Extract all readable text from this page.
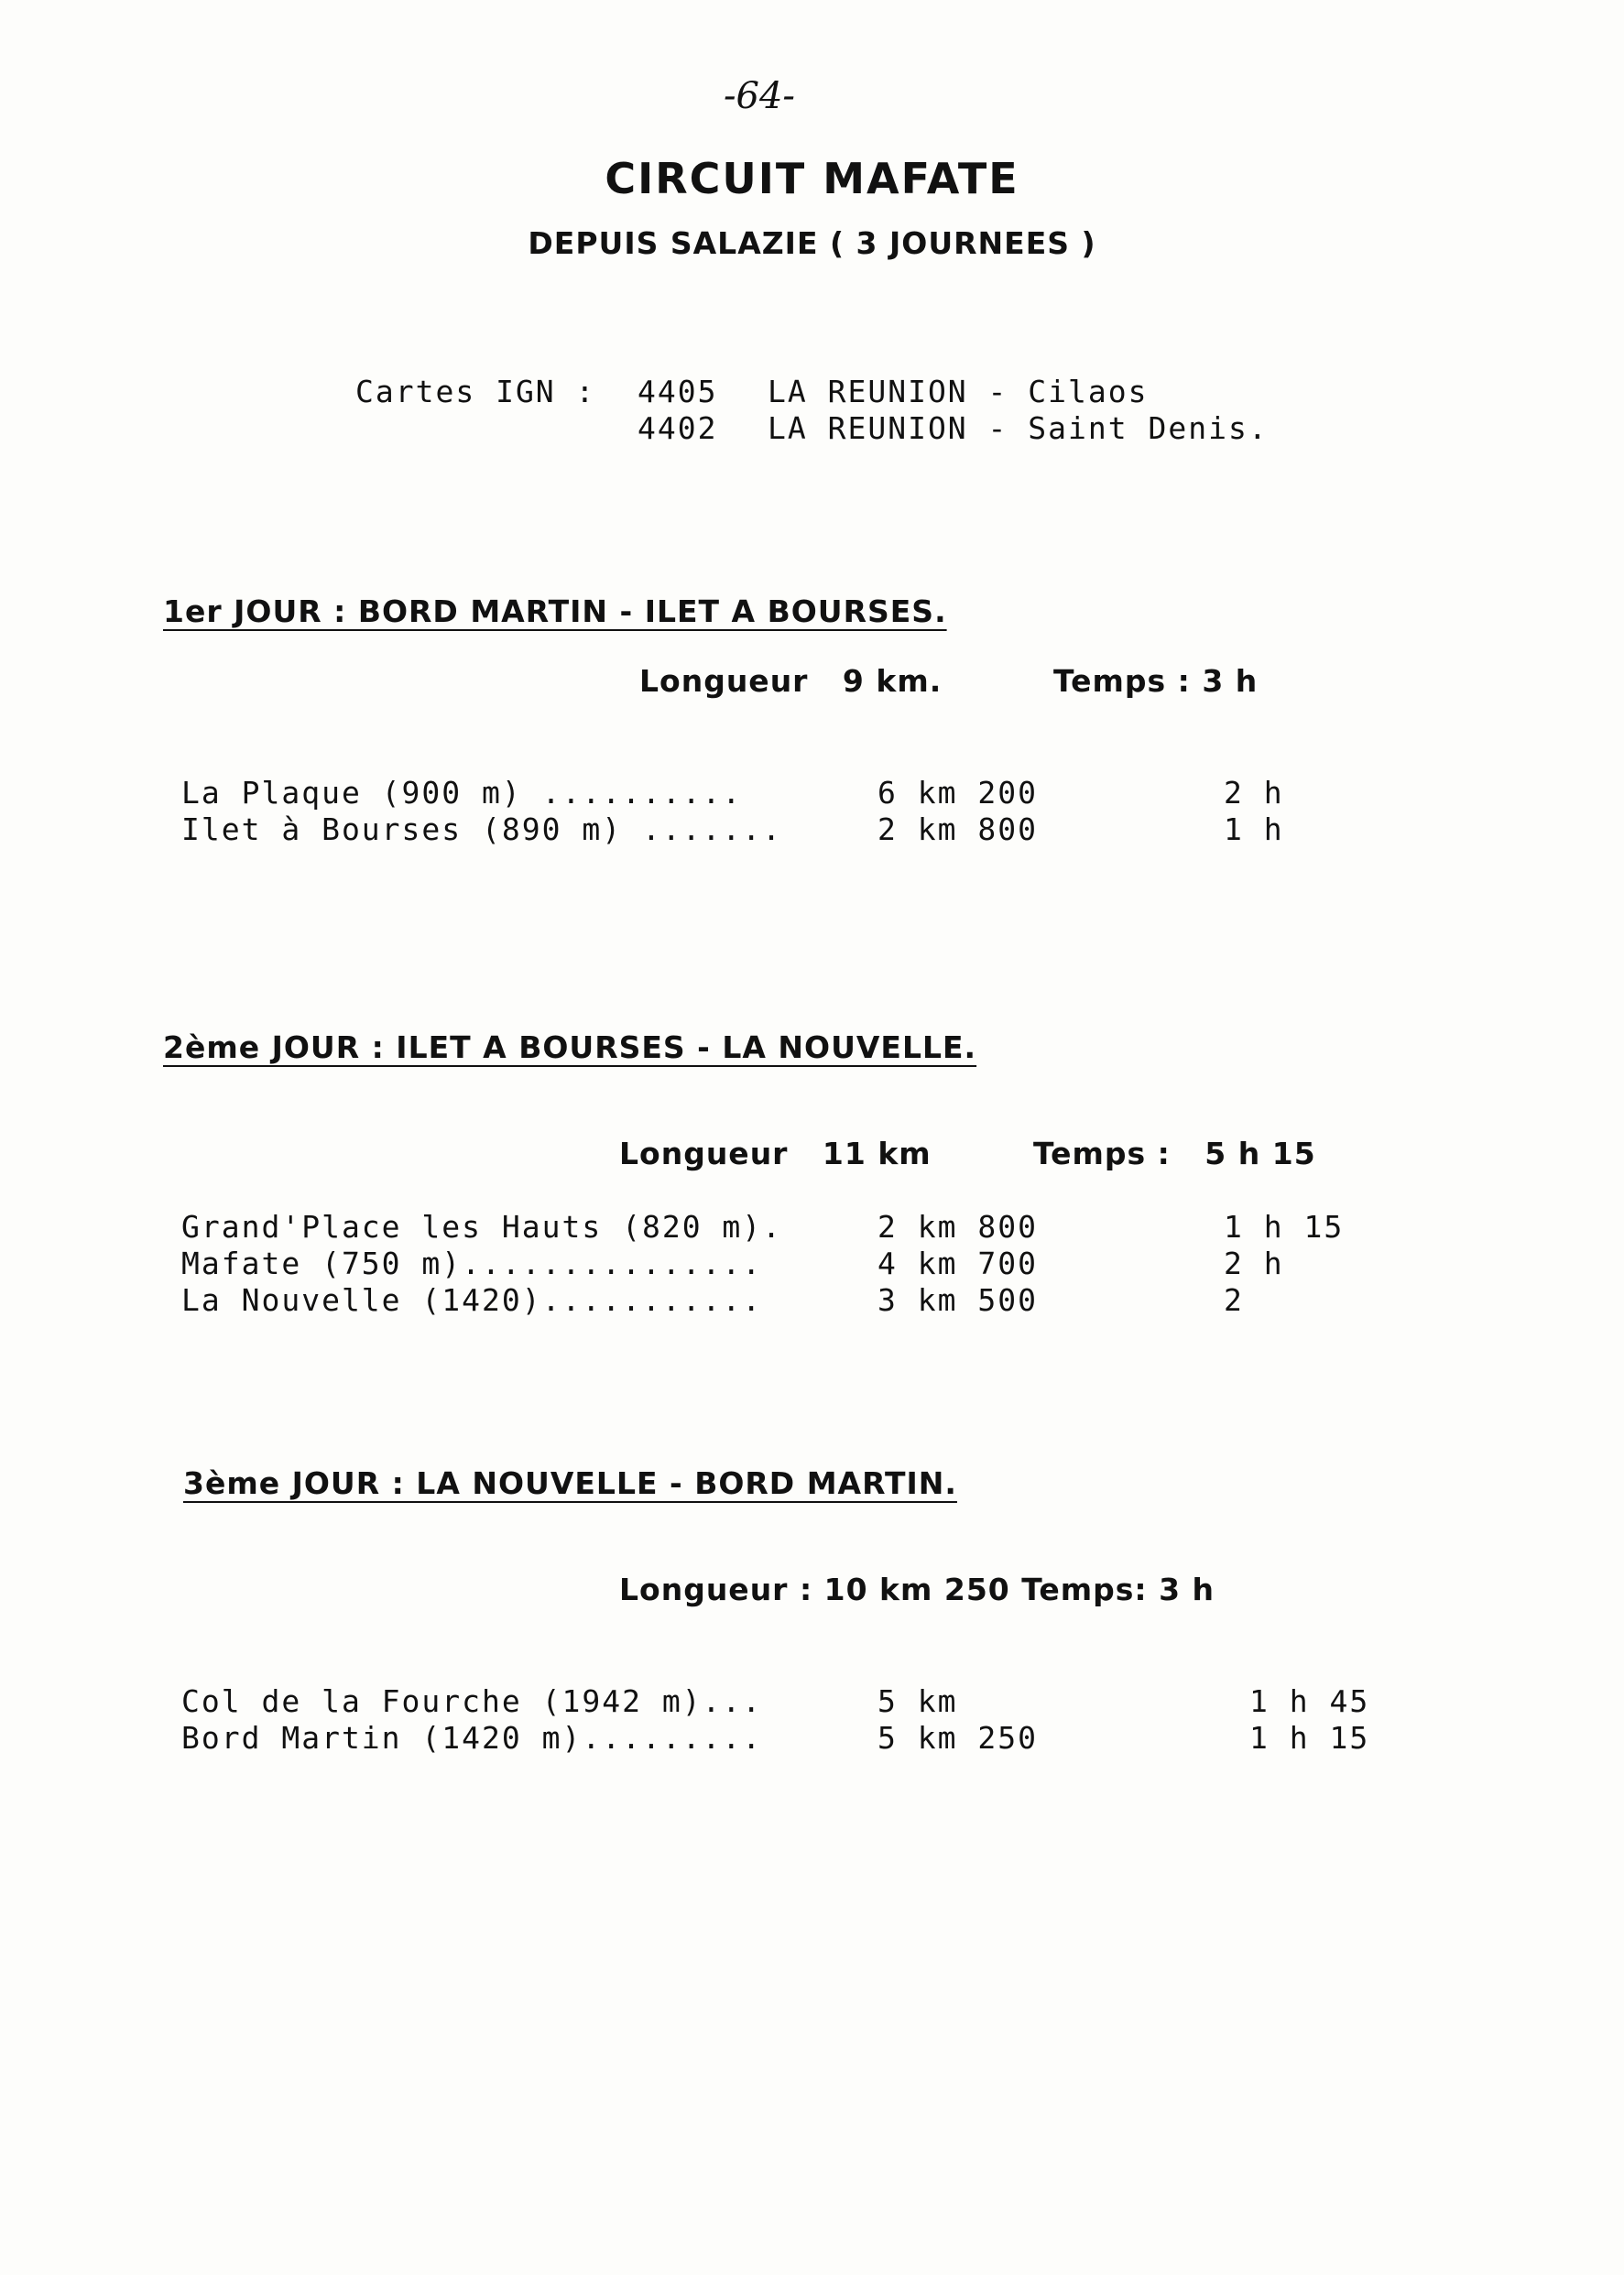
-64-
CIRCUIT MAFATE
DEPUIS SALAZIE ( 3 JOURNEES )
Cartes IGN : 4405 LA REUNION - Cilaos
4402 LA REUNION - Saint Denis.
1er JOUR : BORD MARTIN - ILET A BOURSES.
Longueur   9 km.	Temps : 3 h
La Plaque (900 m) ..........	6 km 200	2 h
Ilet à Bourses (890 m) .......	2 km 800	1 h
2ème JOUR : ILET A BOURSES - LA NOUVELLE.
Longueur   11 km	Temps :   5 h 15
Grand'Place les Hauts (820 m).	2 km 800	1 h 15
Mafate (750 m)...............	4 km 700	2 h
La Nouvelle (1420)...........	3 km 500	2
3ème JOUR : LA NOUVELLE - BORD MARTIN.
Longueur : 10 km 250 Temps: 3 h
Col de la Fourche (1942 m)...	5 km	1 h 45
Bord Martin (1420 m).........	5 km 250	1 h 15
